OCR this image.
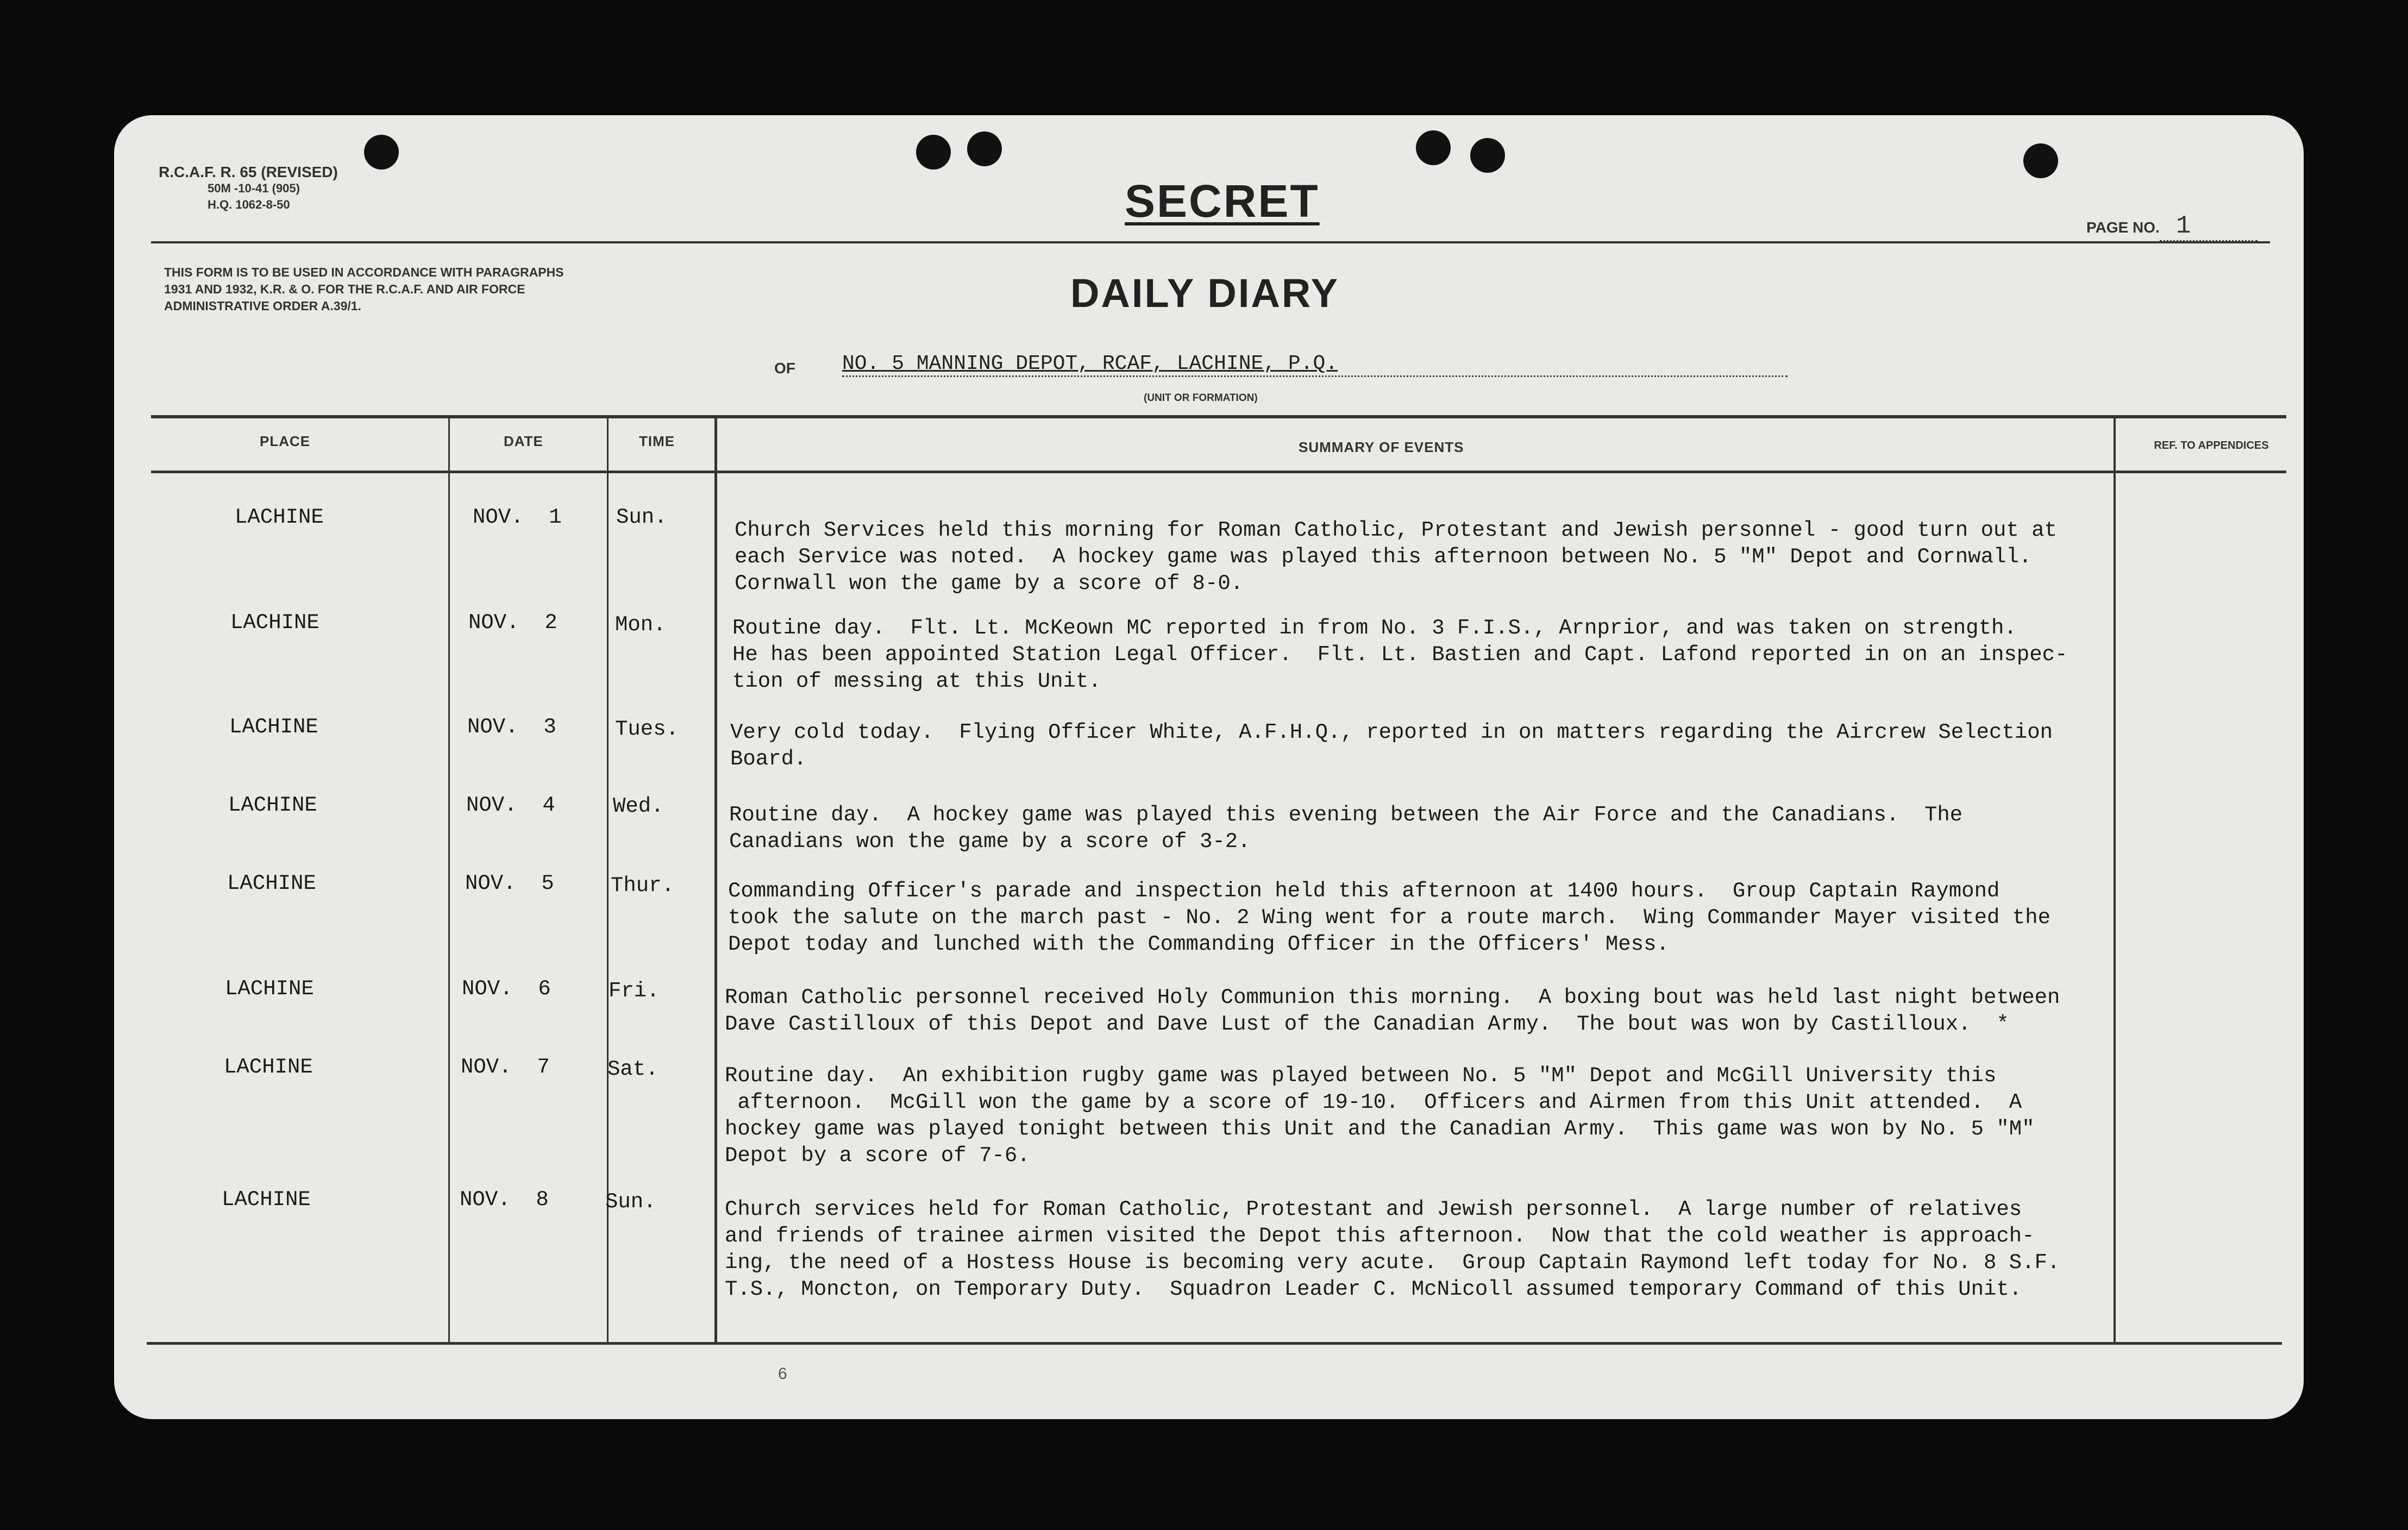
R.C.A.F. R. 65 (REVISED)
50M -10-41 (905)
H.Q. 1062-8-50	SECRET
PAGE NO. 1
THIS FORM IS TO BE USED IN ACCORDANCE WITH PARAGRAPHS 1931 AND 1932, K.R. & O. FOR THE R.C.A.F. AND AIR FORCE ADMINISTRATIVE ORDER A.39/1.	DAILY DIARY
OF NO. 5 MANNING DEPOT, RCAF, LACHINE, P.Q.
(UNIT OR FORMATION)
PLACE	DATE	TIME	SUMMARY OF EVENTS	REF. TO APPENDICES
LACHINE	NOV.  1	Sun.
Church Services held this morning for Roman Catholic, Protestant and Jewish personnel - good turn out at
each Service was noted.  A hockey game was played this afternoon between No. 5 "M" Depot and Cornwall.
Cornwall won the game by a score of 8-0.
LACHINE	NOV.  2	Mon.	Routine day.  Flt. Lt. McKeown MC reported in from No. 3 F.I.S., Arnprior, and was taken on strength.
He has been appointed Station Legal Officer.  Flt. Lt. Bastien and Capt. Lafond reported in on an inspec-
tion of messing at this Unit.
LACHINE	NOV.  3	Tues. Very cold today.  Flying Officer White, A.F.H.Q., reported in on matters regarding the Aircrew Selection
Board.
LACHINE	NOV.  4	Wed.	Routine day.  A hockey game was played this evening between the Air Force and the Canadians.  The
Canadians won the game by a score of 3-2.
LACHINE	NOV.  5	Thur.	Commanding Officer's parade and inspection held this afternoon at 1400 hours.  Group Captain Raymond
took the salute on the march past - No. 2 Wing went for a route march.  Wing Commander Mayer visited the
Depot today and lunched with the Commanding Officer in the Officers' Mess.
LACHINE	NOV.  6	Fri.	Roman Catholic personnel received Holy Communion this morning.  A boxing bout was held last night between
Dave Castilloux of this Depot and Dave Lust of the Canadian Army.  The bout was won by Castilloux.  *
LACHINE	NOV.  7	Sat.	Routine day.  An exhibition rugby game was played between No. 5 "M" Depot and McGill University this
afternoon.  McGill won the game by a score of 19-10.  Officers and Airmen from this Unit attended.  A
hockey game was played tonight between this Unit and the Canadian Army.  This game was won by No. 5 "M"
Depot by a score of 7-6.
LACHINE	NOV.  8	Sun.	Church services held for Roman Catholic, Protestant and Jewish personnel.  A large number of relatives
and friends of trainee airmen visited the Depot this afternoon.  Now that the cold weather is approach-
ing, the need of a Hostess House is becoming very acute.  Group Captain Raymond left today for No. 8 S.F.
T.S., Moncton, on Temporary Duty.  Squadron Leader C. McNicoll assumed temporary Command of this Unit.
6
